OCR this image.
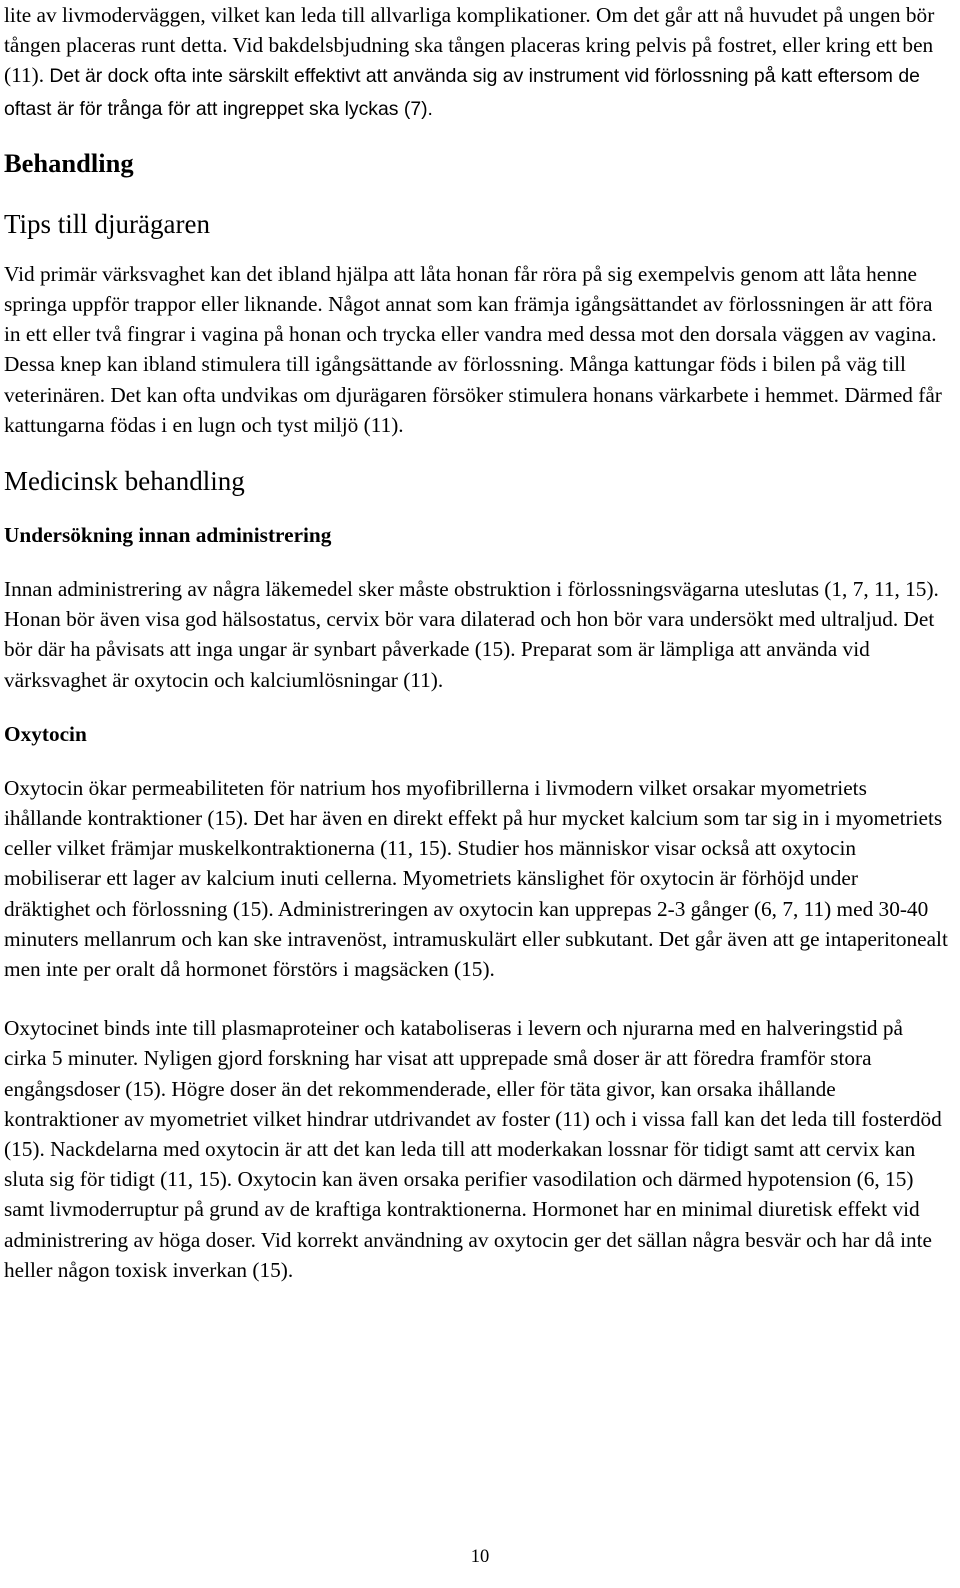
lite av livmoderväggen, vilket kan leda till allvarliga komplikationer. Om det går att nå huvudet på ungen bör tången placeras runt detta. Vid bakdelsbjudning ska tången placeras kring pelvis på fostret, eller kring ett ben (11). Det är dock ofta inte särskilt effektivt att använda sig av instrument vid förlossning på katt eftersom de oftast är för trånga för att ingreppet ska lyckas (7).

Behandling
Tips till djurägaren

Vid primär värksvaghet kan det ibland hjälpa att låta honan får röra på sig exempelvis genom att låta henne springa uppför trappor eller liknande. Något annat som kan främja igångsättandet av förlossningen är att föra in ett eller två fingrar i vagina på honan och trycka eller vandra med dessa mot den dorsala väggen av vagina. Dessa knep kan ibland stimulera till igångsättande av förlossning. Många kattungar föds i bilen på väg till veterinären. Det kan ofta undvikas om djurägaren försöker stimulera honans värkarbete i hemmet. Därmed får kattungarna födas i en lugn och tyst miljö (11).

Medicinsk behandling
Undersökning innan administrering

Innan administrering av några läkemedel sker måste obstruktion i förlossningsvägarna uteslutas (1, 7, 11, 15). Honan bör även visa god hälsostatus, cervix bör vara dilaterad och hon bör vara undersökt med ultraljud. Det bör där ha påvisats att inga ungar är synbart påverkade (15). Preparat som är lämpliga att använda vid värksvaghet är oxytocin och kalciumlösningar (11).

Oxytocin

Oxytocin ökar permeabiliteten för natrium hos myofibrillerna i livmodern vilket orsakar myometriets ihållande kontraktioner (15). Det har även en direkt effekt på hur mycket kalcium som tar sig in i myometriets celler vilket främjar muskelkontraktionerna (11, 15). Studier hos människor visar också att oxytocin mobiliserar ett lager av kalcium inuti cellerna. Myometriets känslighet för oxytocin är förhöjd under dräktighet och förlossning (15). Administreringen av oxytocin kan upprepas 2-3 gånger (6, 7, 11) med 30-40 minuters mellanrum och kan ske intravenöst, intramuskulärt eller subkutant. Det går även att ge intaperitonealt men inte per oralt då hormonet förstörs i magsäcken (15).

Oxytocinet binds inte till plasmaproteiner och kataboliseras i levern och njurarna med en halveringstid på cirka 5 minuter. Nyligen gjord forskning har visat att upprepade små doser är att föredra framför stora engångsdoser (15). Högre doser än det rekommenderade, eller för täta givor, kan orsaka ihållande kontraktioner av myometriet vilket hindrar utdrivandet av foster (11) och i vissa fall kan det leda till fosterdöd (15). Nackdelarna med oxytocin är att det kan leda till att moderkakan lossnar för tidigt samt att cervix kan sluta sig för tidigt (11, 15). Oxytocin kan även orsaka perifier vasodilation och därmed hypotension (6, 15) samt livmoderruptur på grund av de kraftiga kontraktionerna. Hormonet har en minimal diuretisk effekt vid administrering av höga doser. Vid korrekt användning av oxytocin ger det sällan några besvär och har då inte heller någon toxisk inverkan (15).

10
